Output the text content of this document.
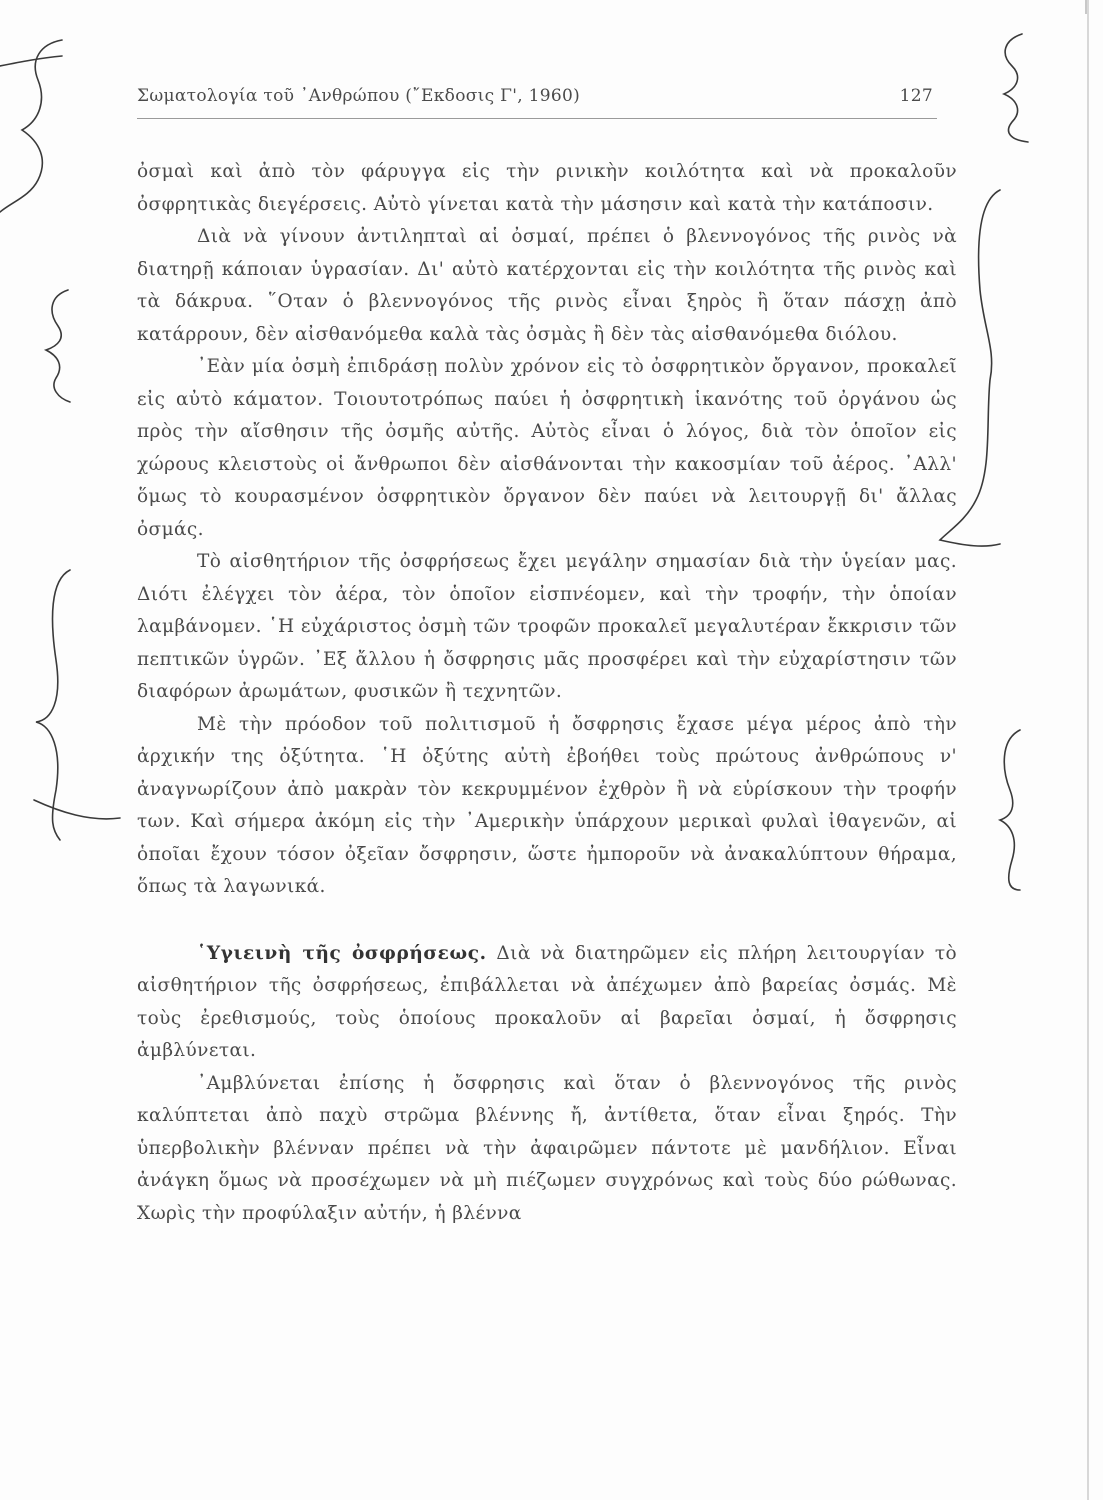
Σωματολογία τοῦ ᾿Ανθρώπου (῎Εκδοσις Γ', 1960)	127

ὀσμαὶ καὶ ἀπὸ τὸν φάρυγγα εἰς τὴν ρινικὴν κοιλότητα καὶ νὰ προκαλοῦν ὀσφρητικὰς διεγέρσεις. Αὐτὸ γίνεται κατὰ τὴν μάσησιν καὶ κατὰ τὴν κατάποσιν.

Διὰ νὰ γίνουν ἀντιληπταὶ αἱ ὀσμαί, πρέπει ὁ βλεννογόνος τῆς ρινὸς νὰ διατηρῇ κάποιαν ὑγρασίαν. Δι' αὐτὸ κατέρχονται εἰς τὴν κοιλότητα τῆς ρινὸς καὶ τὰ δάκρυα. ῞Οταν ὁ βλεννογόνος τῆς ρινὸς εἶναι ξηρὸς ἢ ὅταν πάσχῃ ἀπὸ κατάρρουν, δὲν αἰσθανόμεθα καλὰ τὰς ὀσμὰς ἢ δὲν τὰς αἰσθανόμεθα διόλου.

᾿Εὰν μία ὀσμὴ ἐπιδράσῃ πολὺν χρόνον εἰς τὸ ὀσφρητικὸν ὄργανον, προκαλεῖ εἰς αὐτὸ κάματον. Τοιουτοτρόπως παύει ἡ ὀσφρητικὴ ἱκανότης τοῦ ὀργάνου ὡς πρὸς τὴν αἴσθησιν τῆς ὀσμῆς αὐτῆς. Αὐτὸς εἶναι ὁ λόγος, διὰ τὸν ὁποῖον εἰς χώρους κλειστοὺς οἱ ἄνθρωποι δὲν αἰσθάνονται τὴν κακοσμίαν τοῦ ἀέρος. ᾿Αλλ' ὅμως τὸ κουρασμένον ὀσφρητικὸν ὄργανον δὲν παύει νὰ λειτουργῇ δι' ἄλλας ὀσμάς.

Τὸ αἰσθητήριον τῆς ὀσφρήσεως ἔχει μεγάλην σημασίαν διὰ τὴν ὑγείαν μας. Διότι ἐλέγχει τὸν ἀέρα, τὸν ὁποῖον εἰσπνέομεν, καὶ τὴν τροφήν, τὴν ὁποίαν λαμβάνομεν. ῾Η εὐχάριστος ὀσμὴ τῶν τροφῶν προκαλεῖ μεγαλυτέραν ἔκκρισιν τῶν πεπτικῶν ὑγρῶν. ᾿Εξ ἄλλου ἡ ὄσφρησις μᾶς προσφέρει καὶ τὴν εὐχαρίστησιν τῶν διαφόρων ἀρωμάτων, φυσικῶν ἢ τεχνητῶν.

Μὲ τὴν πρόοδον τοῦ πολιτισμοῦ ἡ ὄσφρησις ἔχασε μέγα μέρος ἀπὸ τὴν ἀρχικήν της ὀξύτητα. ῾Η ὀξύτης αὐτὴ ἐβοήθει τοὺς πρώτους ἀνθρώπους ν' ἀναγνωρίζουν ἀπὸ μακρὰν τὸν κεκρυμμένον ἐχθρὸν ἢ νὰ εὑρίσκουν τὴν τροφήν των. Καὶ σήμερα ἀκόμη εἰς τὴν ᾿Αμερικὴν ὑπάρχουν μερικαὶ φυλαὶ ἰθαγενῶν, αἱ ὁποῖαι ἔχουν τόσον ὀξεῖαν ὄσφρησιν, ὥστε ἠμποροῦν νὰ ἀνακαλύπτουν θήραμα, ὅπως τὰ λαγωνικά.

῾Υγιεινὴ τῆς ὀσφρήσεως. Διὰ νὰ διατηρῶμεν εἰς πλήρη λειτουργίαν τὸ αἰσθητήριον τῆς ὀσφρήσεως, ἐπιβάλλεται νὰ ἀπέχωμεν ἀπὸ βαρείας ὀσμάς. Μὲ τοὺς ἐρεθισμούς, τοὺς ὁποίους προκαλοῦν αἱ βαρεῖαι ὀσμαί, ἡ ὄσφρησις ἀμβλύνεται.

᾿Αμβλύνεται ἐπίσης ἡ ὄσφρησις καὶ ὅταν ὁ βλεννογόνος τῆς ρινὸς καλύπτεται ἀπὸ παχὺ στρῶμα βλέννης ἤ, ἀντίθετα, ὅταν εἶναι ξηρός. Τὴν ὑπερβολικὴν βλένναν πρέπει νὰ τὴν ἀφαιρῶμεν πάντοτε μὲ μανδήλιον. Εἶναι ἀνάγκη ὅμως νὰ προσέχωμεν νὰ μὴ πιέζωμεν συγχρόνως καὶ τοὺς δύο ρώθωνας. Χωρὶς τὴν προφύλαξιν αὐτήν, ἡ βλέννα
